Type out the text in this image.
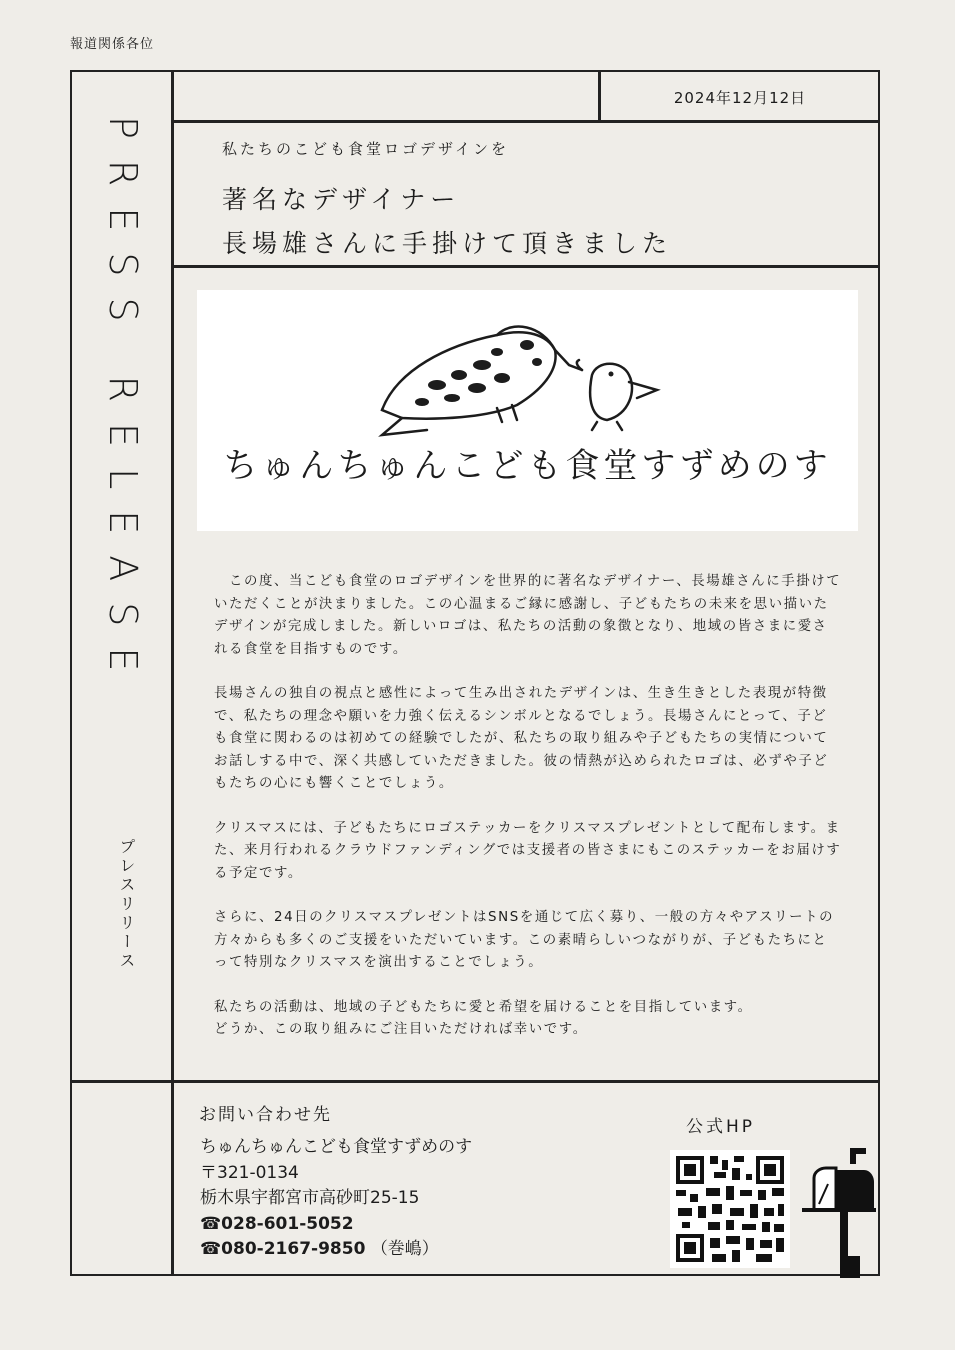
報道関係各位
PRESS RELEASE
プレスリリース
2024年12月12日
私たちのこども食堂ロゴデザインを
著名なデザイナー
長場雄さんに手掛けて頂きました
ちゅんちゅんこども食堂すずめのす

　この度、当こども食堂のロゴデザインを世界的に著名なデザイナー、長場雄さんに手掛けていただくことが決まりました。この心温まるご縁に感謝し、子どもたちの未来を思い描いたデザインが完成しました。新しいロゴは、私たちの活動の象徴となり、地域の皆さまに愛される食堂を目指すものです。

長場さんの独自の視点と感性によって生み出されたデザインは、生き生きとした表現が特徴で、私たちの理念や願いを力強く伝えるシンボルとなるでしょう。長場さんにとって、子ども食堂に関わるのは初めての経験でしたが、私たちの取り組みや子どもたちの実情についてお話しする中で、深く共感していただきました。彼の情熱が込められたロゴは、必ずや子どもたちの心にも響くことでしょう。

クリスマスには、子どもたちにロゴステッカーをクリスマスプレゼントとして配布します。また、来月行われるクラウドファンディングでは支援者の皆さまにもこのステッカーをお届けする予定です。

さらに、24日のクリスマスプレゼントはSNSを通じて広く募り、一般の方々やアスリートの方々からも多くのご支援をいただいています。この素晴らしいつながりが、子どもたちにとって特別なクリスマスを演出することでしょう。

私たちの活動は、地域の子どもたちに愛と希望を届けることを目指しています。
どうか、この取り組みにご注目いただければ幸いです。

お問い合わせ先
ちゅんちゅんこども食堂すずめのす
〒321-0134
栃木県宇都宮市高砂町25-15
☎028-601-5052
☎080-2167-9850 （巻嶋）
公式HP
